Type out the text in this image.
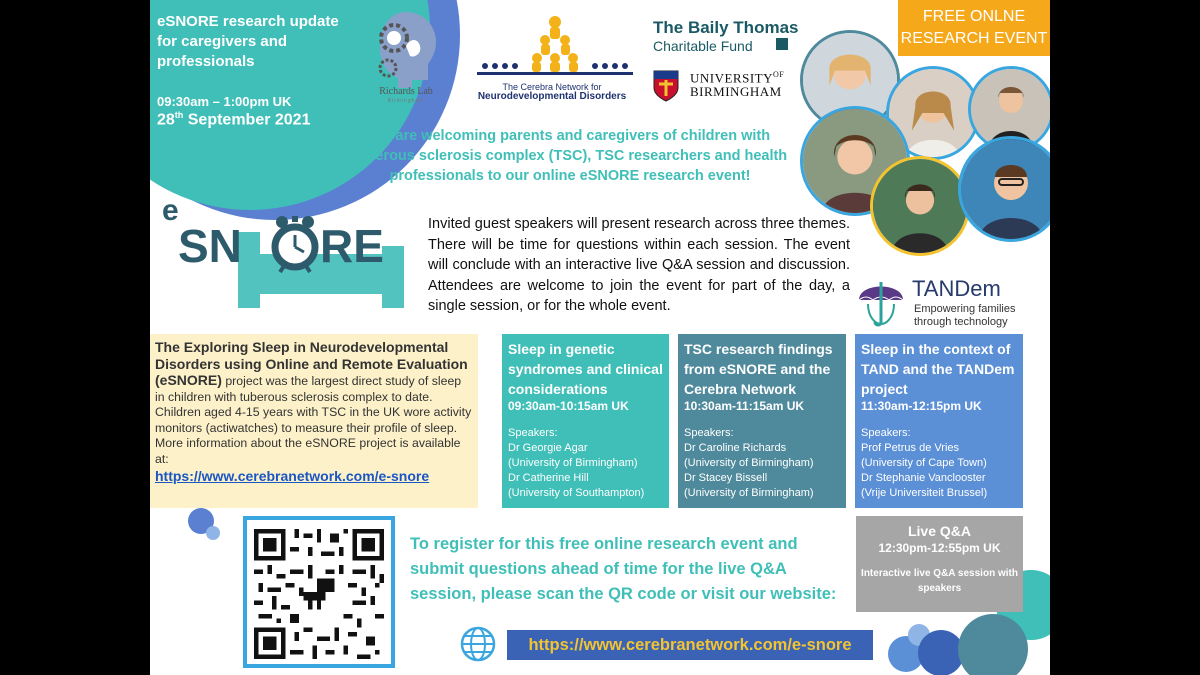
eSNORE research update for caregivers and professionals
09:30am – 1:00pm UK
28th September 2021
Richards Lab
Birmingham
The Cerebra Network for
Neurodevelopmental Disorders
The Baily Thomas
Charitable Fund
$UNIVERSITY^{OF}$
BIRMINGHAM
FREE ONLNE
RESEARCH EVENT
We are welcoming parents and caregivers of children with tuberous sclerosis complex (TSC), TSC researchers and health professionals to our online eSNORE research event!
e
SN RE	Invited guest speakers will present research across three themes. There will be time for questions within each session. The event will conclude with an interactive live Q&A session and discussion. Attendees are welcome to join the event for part of the day, a single session, or for the whole event.
TANDem
Empowering families
through technology
The Exploring Sleep in Neurodevelopmental Disorders using Online and Remote Evaluation (eSNORE) project was the largest direct study of sleep in children with tuberous sclerosis complex to date. Children aged 4-15 years with TSC in the UK wore activity monitors (actiwatches) to measure their profile of sleep. More information about the eSNORE project is available at:
https://www.cerebranetwork.com/e-snore
Sleep in genetic syndromes and clinical considerations
09:30am-10:15am UK
Speakers:
Dr Georgie Agar
(University of Birmingham)
Dr Catherine Hill
(University of Southampton)
TSC research findings from eSNORE and the Cerebra Network
10:30am-11:15am UK
Speakers:
Dr Caroline Richards
(University of Birmingham)
Dr Stacey Bissell
(University of Birmingham)
Sleep in the context of TAND and the TANDem project
11:30am-12:15pm UK
Speakers:
Prof Petrus de Vries
(University of Cape Town)
Dr Stephanie Vanclooster
(Vrije Universiteit Brussel)
To register for this free online research event and submit questions ahead of time for the live Q&A session, please scan the QR code or visit our website:
Live Q&A
12:30pm-12:55pm UK
Interactive live Q&A session with speakers
https://www.cerebranetwork.com/e-snore
